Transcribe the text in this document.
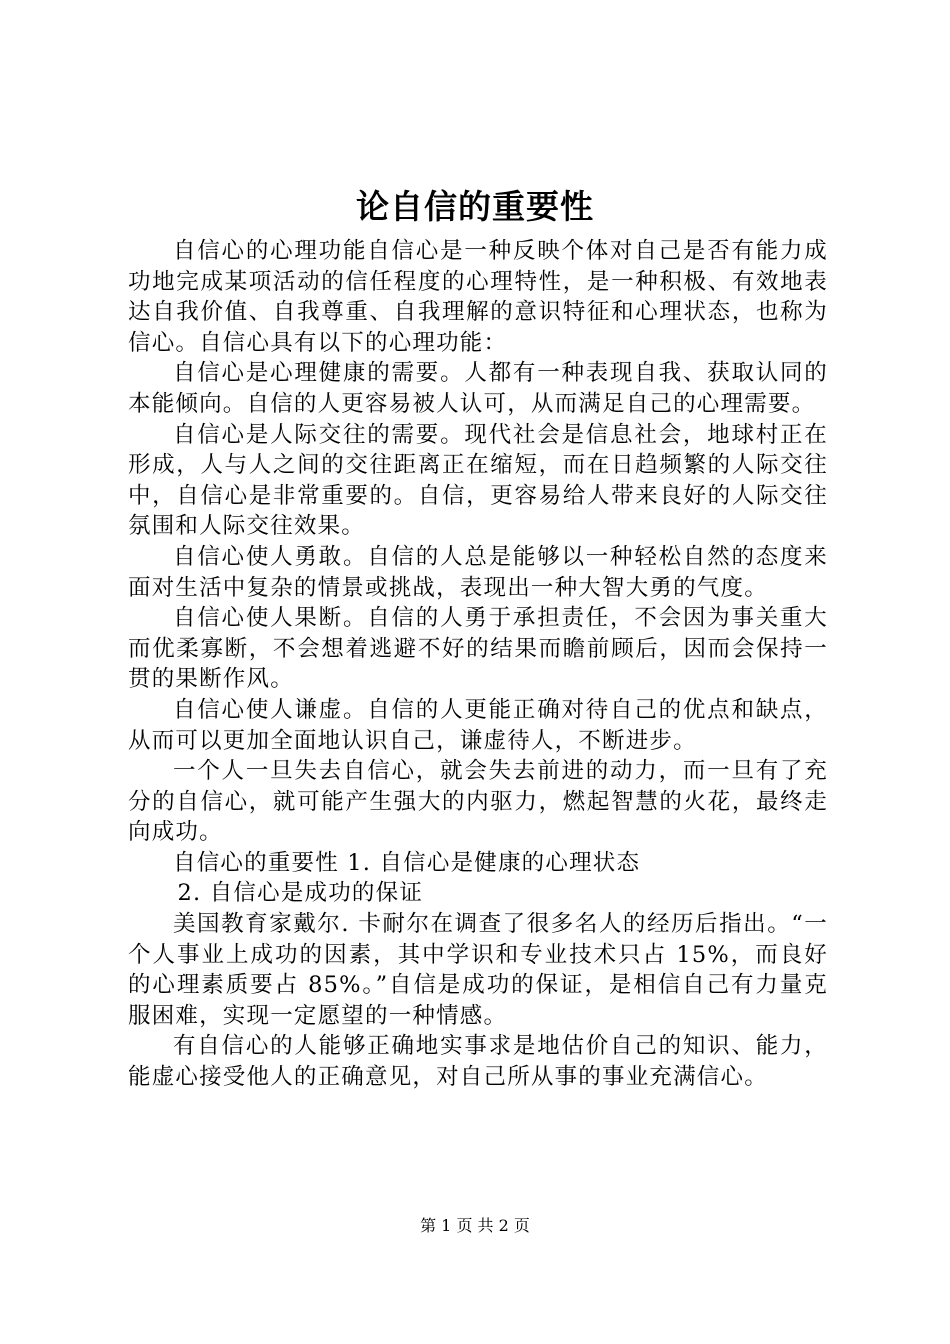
论自信的重要性

自信心的心理功能自信心是一种反映个体对自己是否有能力成功地完成某项活动的信任程度的心理特性，是一种积极、有效地表达自我价值、自我尊重、自我理解的意识特征和心理状态，也称为信心。自信心具有以下的心理功能：

自信心是心理健康的需要。人都有一种表现自我、获取认同的本能倾向。自信的人更容易被人认可，从而满足自己的心理需要。

自信心是人际交往的需要。现代社会是信息社会，地球村正在形成，人与人之间的交往距离正在缩短，而在日趋频繁的人际交往中，自信心是非常重要的。自信，更容易给人带来良好的人际交往氛围和人际交往效果。

自信心使人勇敢。自信的人总是能够以一种轻松自然的态度来面对生活中复杂的情景或挑战，表现出一种大智大勇的气度。

自信心使人果断。自信的人勇于承担责任，不会因为事关重大而优柔寡断，不会想着逃避不好的结果而瞻前顾后，因而会保持一贯的果断作风。

自信心使人谦虚。自信的人更能正确对待自己的优点和缺点，从而可以更加全面地认识自己，谦虚待人，不断进步。

一个人一旦失去自信心，就会失去前进的动力，而一旦有了充分的自信心，就可能产生强大的内驱力，燃起智慧的火花，最终走向成功。

自信心的重要性 1. 自信心是健康的心理状态

2. 自信心是成功的保证

美国教育家戴尔. 卡耐尔在调查了很多名人的经历后指出。“一个人事业上成功的因素，其中学识和专业技术只占 15%，而良好的心理素质要占 85%。”自信是成功的保证，是相信自己有力量克服困难，实现一定愿望的一种情感。

有自信心的人能够正确地实事求是地估价自己的知识、能力，能虚心接受他人的正确意见，对自己所从事的事业充满信心。

第 1 页 共 2 页
